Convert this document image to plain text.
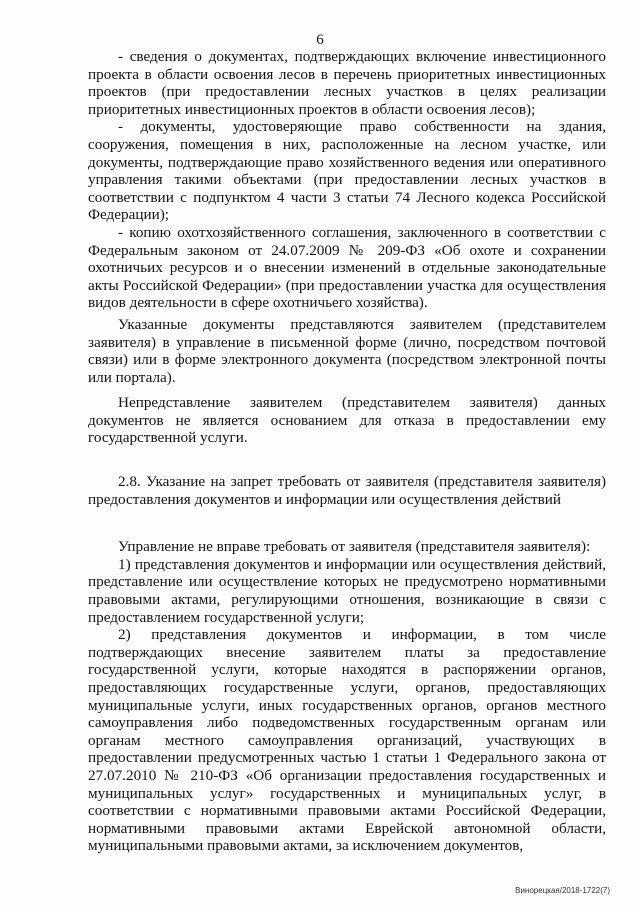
6

- сведения о документах, подтверждающих включение инвестиционного проекта в области освоения лесов в перечень приоритетных инвестиционных проектов (при предоставлении лесных участков в целях реализации приоритетных инвестиционных проектов в области освоения лесов);

- документы, удостоверяющие право собственности на здания, сооружения, помещения в них, расположенные на лесном участке, или документы, подтверждающие право хозяйственного ведения или оперативного управления такими объектами (при предоставлении лесных участков в соответствии с подпунктом 4 части 3 статьи 74 Лесного кодекса Российской Федерации);

- копию охотхозяйственного соглашения, заключенного в соответствии с Федеральным законом от 24.07.2009 № 209-ФЗ «Об охоте и сохранении охотничьих ресурсов и о внесении изменений в отдельные законодательные акты Российской Федерации» (при предоставлении участка для осуществления видов деятельности в сфере охотничьего хозяйства).

Указанные документы представляются заявителем (представителем заявителя) в управление в письменной форме (лично, посредством почтовой связи) или в форме электронного документа (посредством электронной почты или портала).

Непредставление заявителем (представителем заявителя) данных документов не является основанием для отказа в предоставлении ему государственной услуги.

2.8. Указание на запрет требовать от заявителя (представителя заявителя) предоставления документов и информации или осуществления действий

Управление не вправе требовать от заявителя (представителя заявителя):

1) представления документов и информации или осуществления действий, представление или осуществление которых не предусмотрено нормативными правовыми актами, регулирующими отношения, возникающие в связи с предоставлением государственной услуги;

2) представления документов и информации, в том числе подтверждающих внесение заявителем платы за предоставление государственной услуги, которые находятся в распоряжении органов, предоставляющих государственные услуги, органов, предоставляющих муниципальные услуги, иных государственных органов, органов местного самоуправления либо подведомственных государственным органам или органам местного самоуправления организаций, участвующих в предоставлении предусмотренных частью 1 статьи 1 Федерального закона от 27.07.2010 № 210-ФЗ «Об организации предоставления государственных и муниципальных услуг» государственных и муниципальных услуг, в соответствии с нормативными правовыми актами Российской Федерации, нормативными правовыми актами Еврейской автономной области, муниципальными правовыми актами, за исключением документов,

Винорецкая/2018-1722(7)
